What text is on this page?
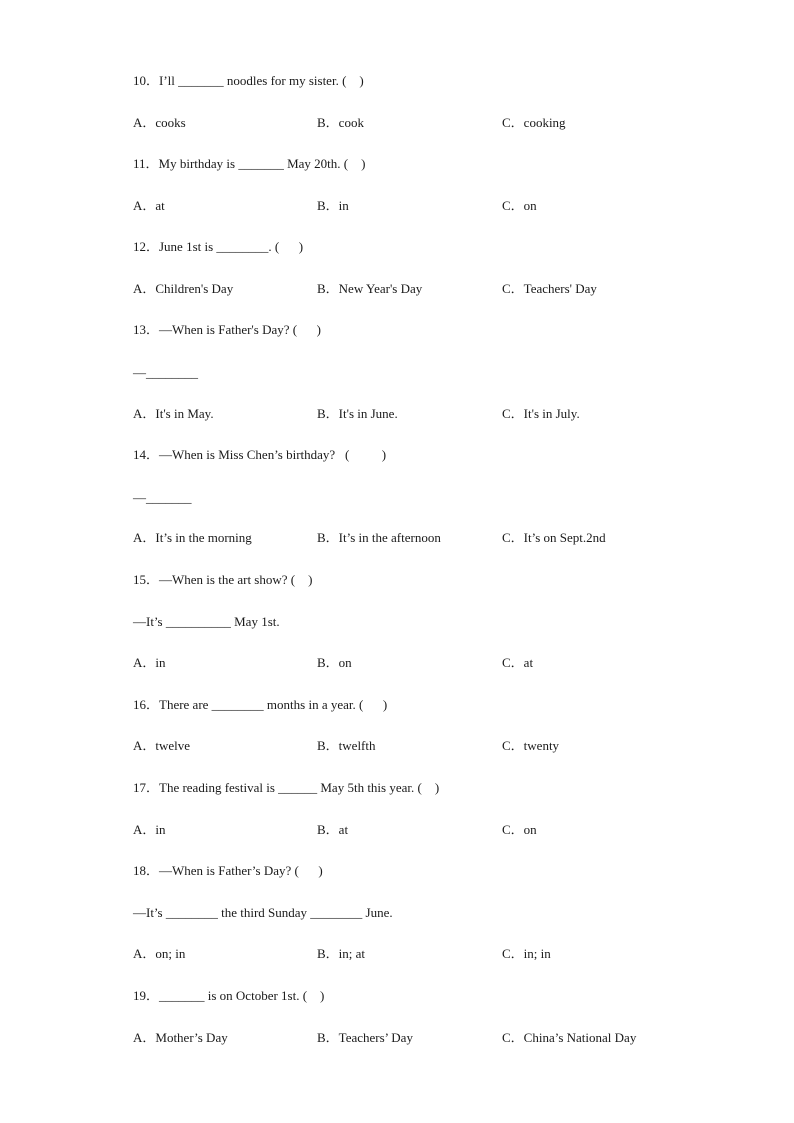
10．I’ll _______ noodles for my sister. (    )

A．cooks

	B．cook

	C．cooking

11．My birthday is _______ May 20th. (    )

A．at

	B．in

	C．on

12．June 1st is ________. (      )

A．Children's Day

	B．New Year's Day

	C．Teachers' Day

13．—When is Father's Day? (      )
—________

A．It's in May.

	B．It's in June.

	C．It's in July.

14．—When is Miss Chen’s birthday?   (          )
—_______

A．It’s in the morning

	B．It’s in the afternoon

	C．It’s on Sept.2nd

15．—When is the art show? (    )
—It’s __________ May 1st.

A．in

	B．on

	C．at

16．There are ________ months in a year. (      )

A．twelve

	B．twelfth

	C．twenty

17．The reading festival is ______ May 5th this year. (    )

A．in

	B．at

	C．on

18．—When is Father’s Day? (      )
—It’s ________ the third Sunday ________ June.

A．on; in

	B．in; at

	C．in; in

19．_______ is on October 1st. (    )

A．Mother’s Day

	B．Teachers’ Day

	C．China’s National Day
